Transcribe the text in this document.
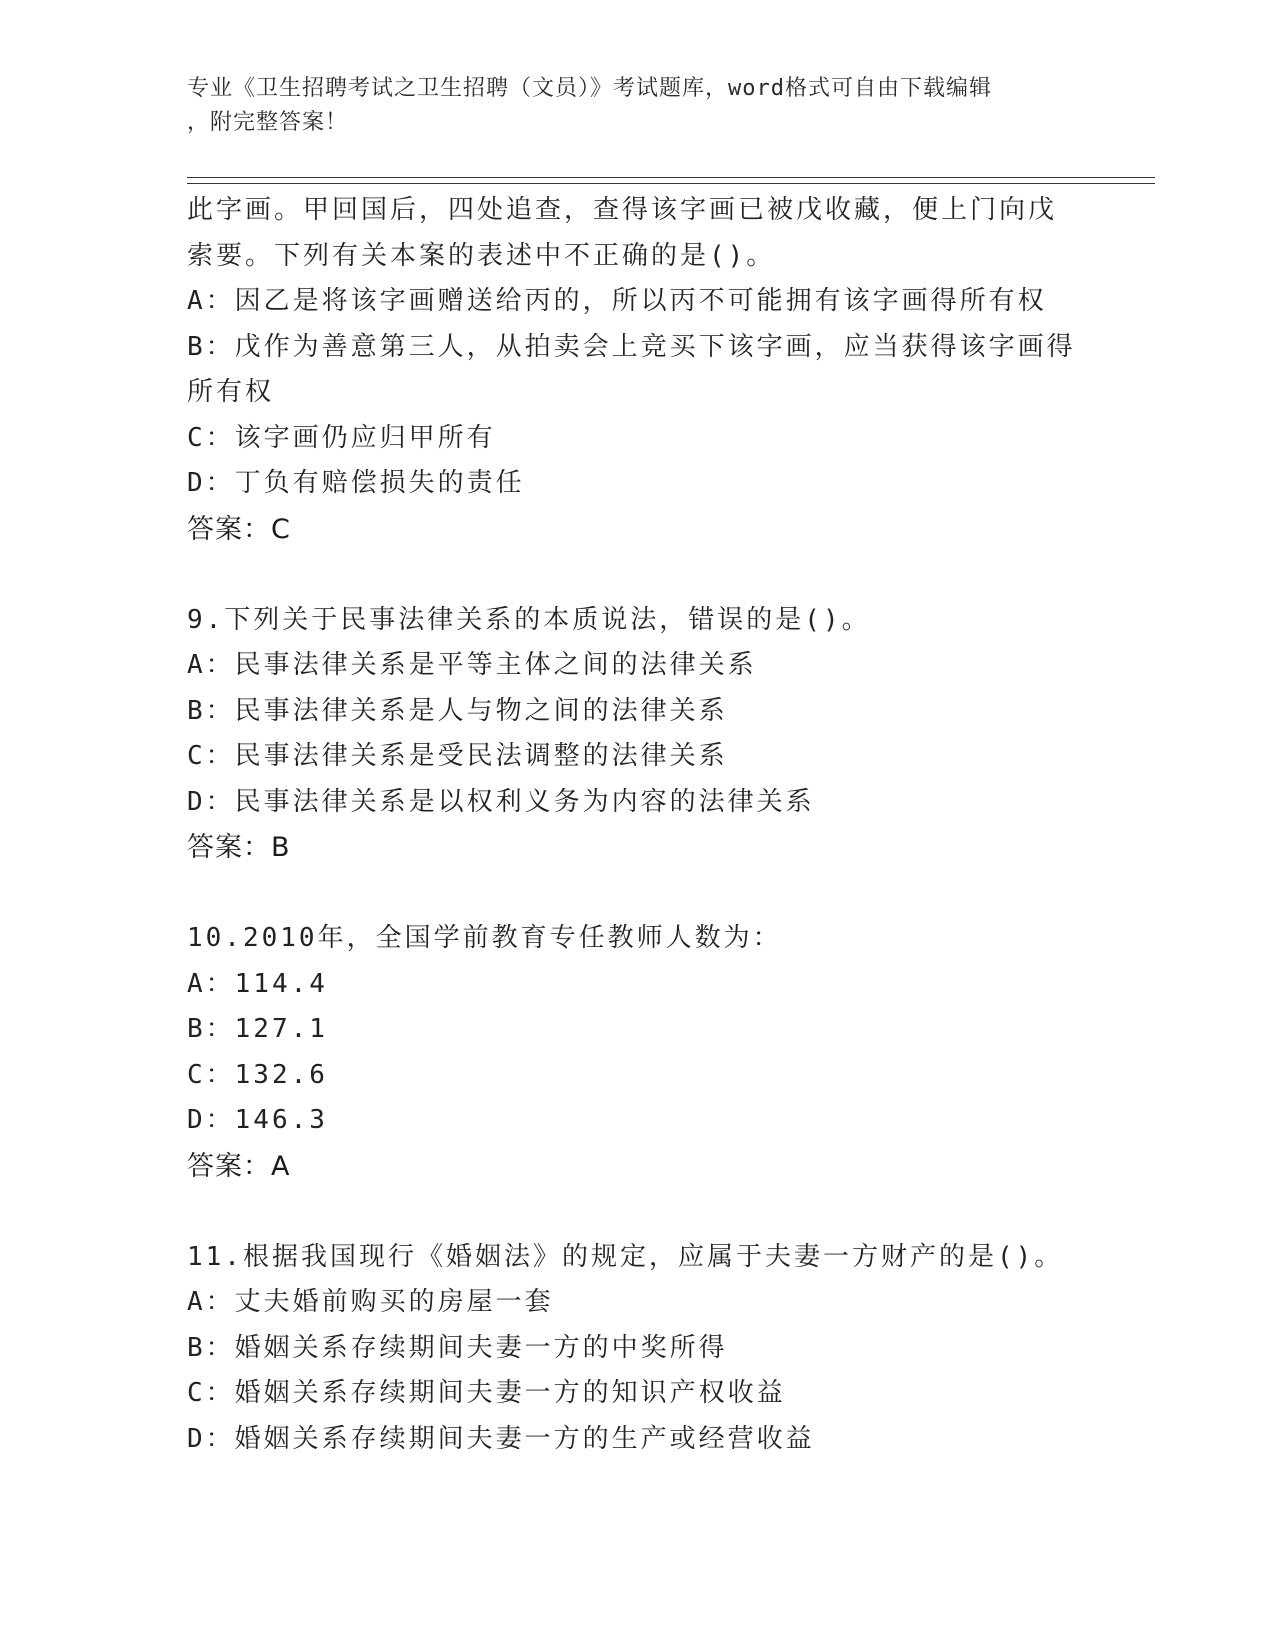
专业《卫生招聘考试之卫生招聘（文员）》考试题库，word格式可自由下载编辑
，附完整答案！
此字画。甲回国后，四处追查，查得该字画已被戊收藏，便上门向戊
索要。下列有关本案的表述中不正确的是()。
A：因乙是将该字画赠送给丙的，所以丙不可能拥有该字画得所有权
B：戊作为善意第三人，从拍卖会上竞买下该字画，应当获得该字画得
所有权
C：该字画仍应归甲所有
D：丁负有赔偿损失的责任
答案：C
9.下列关于民事法律关系的本质说法，错误的是()。
A：民事法律关系是平等主体之间的法律关系
B：民事法律关系是人与物之间的法律关系
C：民事法律关系是受民法调整的法律关系
D：民事法律关系是以权利义务为内容的法律关系
答案：B
10.2010年，全国学前教育专任教师人数为：
A：114.4
B：127.1
C：132.6
D：146.3
答案：A
11.根据我国现行《婚姻法》的规定，应属于夫妻一方财产的是()。
A：丈夫婚前购买的房屋一套
B：婚姻关系存续期间夫妻一方的中奖所得
C：婚姻关系存续期间夫妻一方的知识产权收益
D：婚姻关系存续期间夫妻一方的生产或经营收益
